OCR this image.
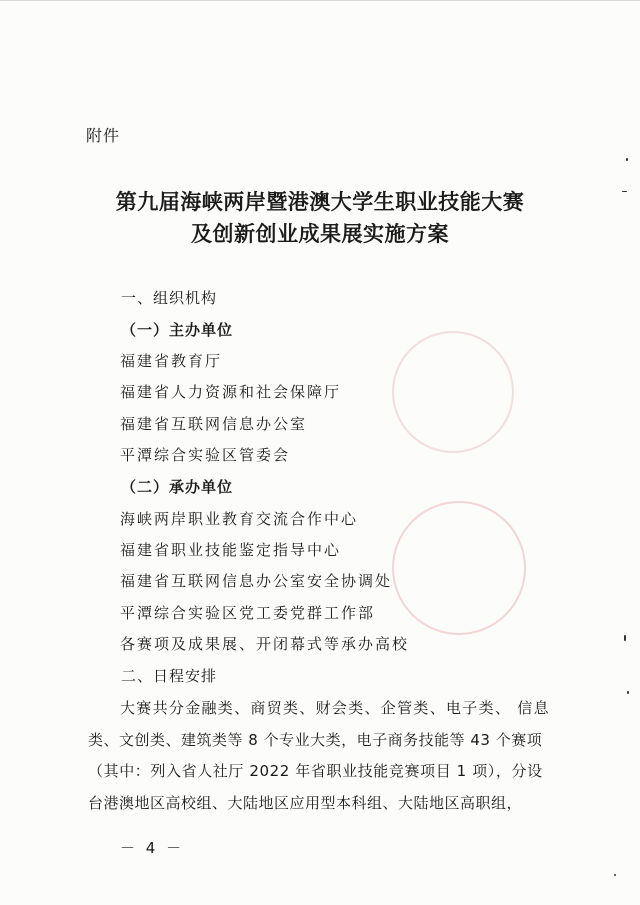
附件
第九届海峡两岸暨港澳大学生职业技能大赛
及创新创业成果展实施方案
一、组织机构
（一）主办单位
福建省教育厅
福建省人力资源和社会保障厅
福建省互联网信息办公室
平潭综合实验区管委会
（二）承办单位
海峡两岸职业教育交流合作中心
福建省职业技能鉴定指导中心
福建省互联网信息办公室安全协调处
平潭综合实验区党工委党群工作部
各赛项及成果展、开闭幕式等承办高校
二、日程安排
大赛共分金融类、商贸类、财会类、企管类、电子类、 信息
类、文创类、建筑类等 8 个专业大类，电子商务技能等 43 个赛项
（其中：列入省人社厅 2022 年省职业技能竞赛项目 1 项），分设
台港澳地区高校组、大陆地区应用型本科组、大陆地区高职组，
－ 4 －
